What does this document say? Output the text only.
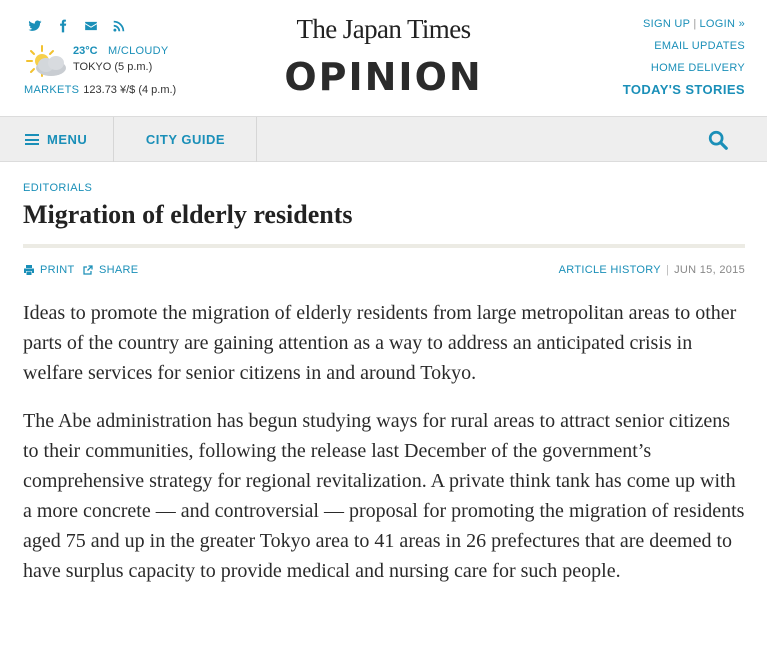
23°C M/CLOUDY
TOKYO (5 p.m.)
MARKETS 123.73 ¥/$ (4 p.m.)
The Japan Times
OPINION
SIGN UP | LOGIN »
EMAIL UPDATES
HOME DELIVERY
TODAY'S STORIES
MENU	CITY GUIDE
EDITORIALS
Migration of elderly residents
PRINT SHARE	ARTICLE HISTORY | JUN 15, 2015

Ideas to promote the migration of elderly residents from large metropolitan areas to other parts of the country are gaining attention as a way to address an anticipated crisis in welfare services for senior citizens in and around Tokyo.

The Abe administration has begun studying ways for rural areas to attract senior citizens to their communities, following the release last December of the government’s comprehensive strategy for regional revitalization. A private think tank has come up with a more concrete — and controversial — proposal for promoting the migration of residents aged 75 and up in the greater Tokyo area to 41 areas in 26 prefectures that are deemed to have surplus capacity to provide medical and nursing care for such people.
